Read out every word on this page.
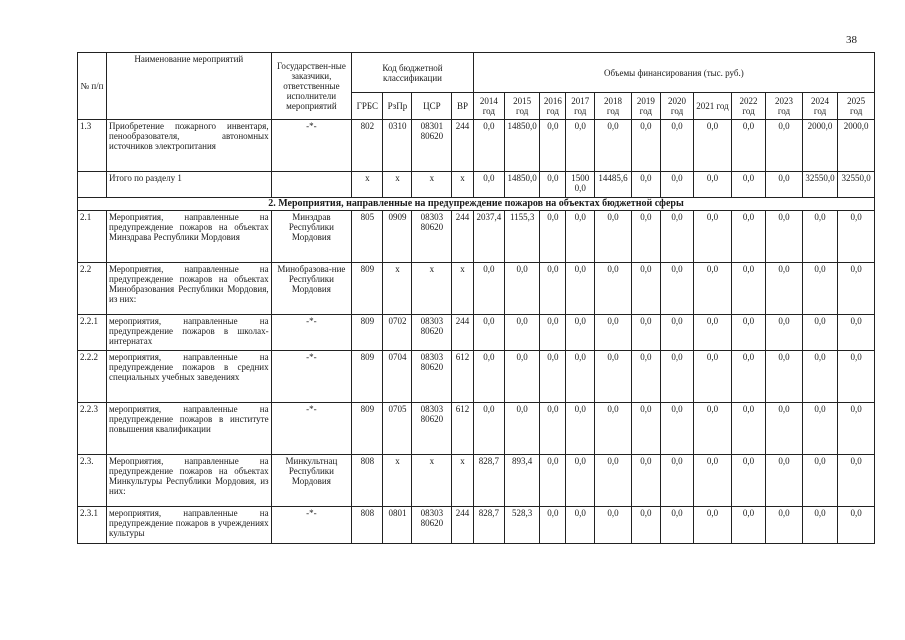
38
№ п/п	Наименование мероприятий	Государствен-ные заказчики, ответственные исполнители мероприятий	Код бюджетной классификации				Объемы финансирования (тыс. руб.)											
			ГРБС	РзПр	ЦСР	ВР	2014 год	2015 год	2016 год	2017 год	2018 год	2019 год	2020 год	2021 год	2022 год	2023 год	2024 год	2025 год
1.3	Приобретение пожарного инвентаря, пенообразователя, автономных источников электропитания	-*-	802	0310	08301 80620	244	0,0	14850,0	0,0	0,0	0,0	0,0	0,0	0,0	0,0	0,0	2000,0	2000,0
	Итого по разделу 1		х	х	х	х	0,0	14850,0	0,0	15000,0	14485,6	0,0	0,0	0,0	0,0	0,0	32550,0	32550,0
2. Мероприятия, направленные на предупреждение пожаров на объектах бюджетной сферы																		
2.1	Мероприятия, направленные на предупреждение пожаров на объектах Минздрава Республики Мордовия	Минздрав Республики Мордовия	805	0909	08303 80620	244	2037,4	1155,3	0,0	0,0	0,0	0,0	0,0	0,0	0,0	0,0	0,0	0,0
2.2	Мероприятия, направленные на предупреждение пожаров на объектах Минобразования Республики Мордовия, из них:	Минобразова-ние Республики Мордовия	809	х	х	х	0,0	0,0	0,0	0,0	0,0	0,0	0,0	0,0	0,0	0,0	0,0	0,0
2.2.1	мероприятия, направленные на предупреждение пожаров в школах-интернатах	-*-	809	0702	08303 80620	244	0,0	0,0	0,0	0,0	0,0	0,0	0,0	0,0	0,0	0,0	0,0	0,0
2.2.2	мероприятия, направленные на предупреждение пожаров в средних специальных учебных заведениях	-*-	809	0704	08303 80620	612	0,0	0,0	0,0	0,0	0,0	0,0	0,0	0,0	0,0	0,0	0,0	0,0
2.2.3	мероприятия, направленные на предупреждение пожаров в институте повышения квалификации	-*-	809	0705	08303 80620	612	0,0	0,0	0,0	0,0	0,0	0,0	0,0	0,0	0,0	0,0	0,0	0,0
2.3.	Мероприятия, направленные на предупреждение пожаров на объектах Минкультуры Республики Мордовия, из них:	Минкультнац Республики Мордовия	808	х	х	х	828,7	893,4	0,0	0,0	0,0	0,0	0,0	0,0	0,0	0,0	0,0	0,0
2.3.1	мероприятия, направленные на предупреждение пожаров в учреждениях культуры	-*-	808	0801	08303 80620	244	828,7	528,3	0,0	0,0	0,0	0,0	0,0	0,0	0,0	0,0	0,0	0,0
